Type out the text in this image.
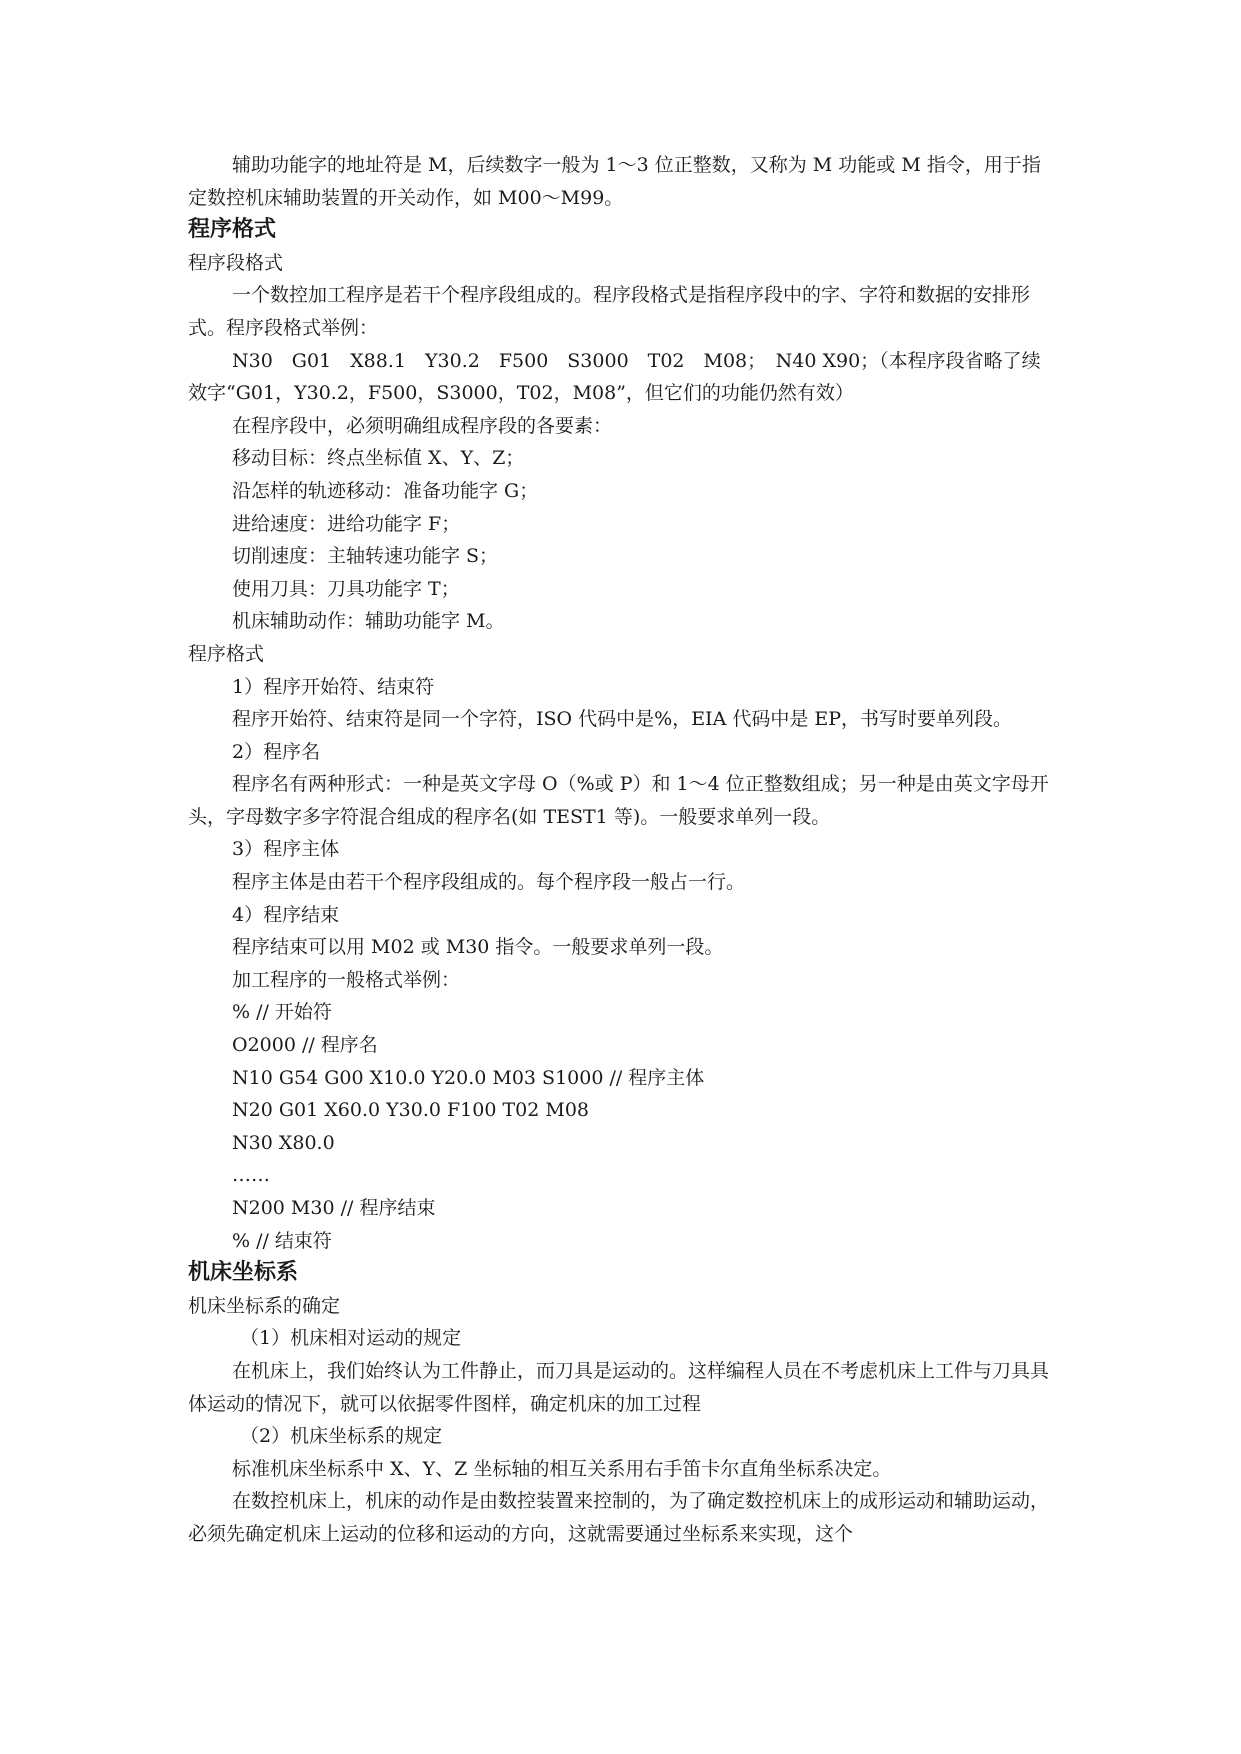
辅助功能字的地址符是 M，后续数字一般为 1～3 位正整数，又称为 M 功能或 M 指令，用于指定数控机床辅助装置的开关动作，如 M00～M99。

程序格式

程序段格式

一个数控加工程序是若干个程序段组成的。程序段格式是指程序段中的字、字符和数据的安排形式。程序段格式举例：

N30　G01　X88.1　Y30.2　F500　S3000　T02　M08；　N40 X90；（本程序段省略了续效字“G01，Y30.2，F500，S3000，T02，M08”，但它们的功能仍然有效）

在程序段中，必须明确组成程序段的各要素：

移动目标：终点坐标值 X、Y、Z；

沿怎样的轨迹移动：准备功能字 G；

进给速度：进给功能字 F；

切削速度：主轴转速功能字 S；

使用刀具：刀具功能字 T；

机床辅助动作：辅助功能字 M。

程序格式

1）程序开始符、结束符

程序开始符、结束符是同一个字符，ISO 代码中是%，EIA 代码中是 EP，书写时要单列段。

2）程序名

程序名有两种形式：一种是英文字母 O（%或 P）和 1～4 位正整数组成；另一种是由英文字母开头，字母数字多字符混合组成的程序名(如 TEST1 等)。一般要求单列一段。

3）程序主体

程序主体是由若干个程序段组成的。每个程序段一般占一行。

4）程序结束

程序结束可以用 M02 或 M30 指令。一般要求单列一段。

加工程序的一般格式举例：

% // 开始符

O2000 // 程序名

N10 G54 G00 X10.0 Y20.0 M03 S1000 // 程序主体

N20 G01 X60.0 Y30.0 F100 T02 M08

N30 X80.0

……

N200 M30 // 程序结束

% // 结束符

机床坐标系

机床坐标系的确定

（1）机床相对运动的规定

在机床上，我们始终认为工件静止，而刀具是运动的。这样编程人员在不考虑机床上工件与刀具具体运动的情况下，就可以依据零件图样，确定机床的加工过程

（2）机床坐标系的规定

标准机床坐标系中 X、Y、Z 坐标轴的相互关系用右手笛卡尔直角坐标系决定。

在数控机床上，机床的动作是由数控装置来控制的，为了确定数控机床上的成形运动和辅助运动，必须先确定机床上运动的位移和运动的方向，这就需要通过坐标系来实现，这个
